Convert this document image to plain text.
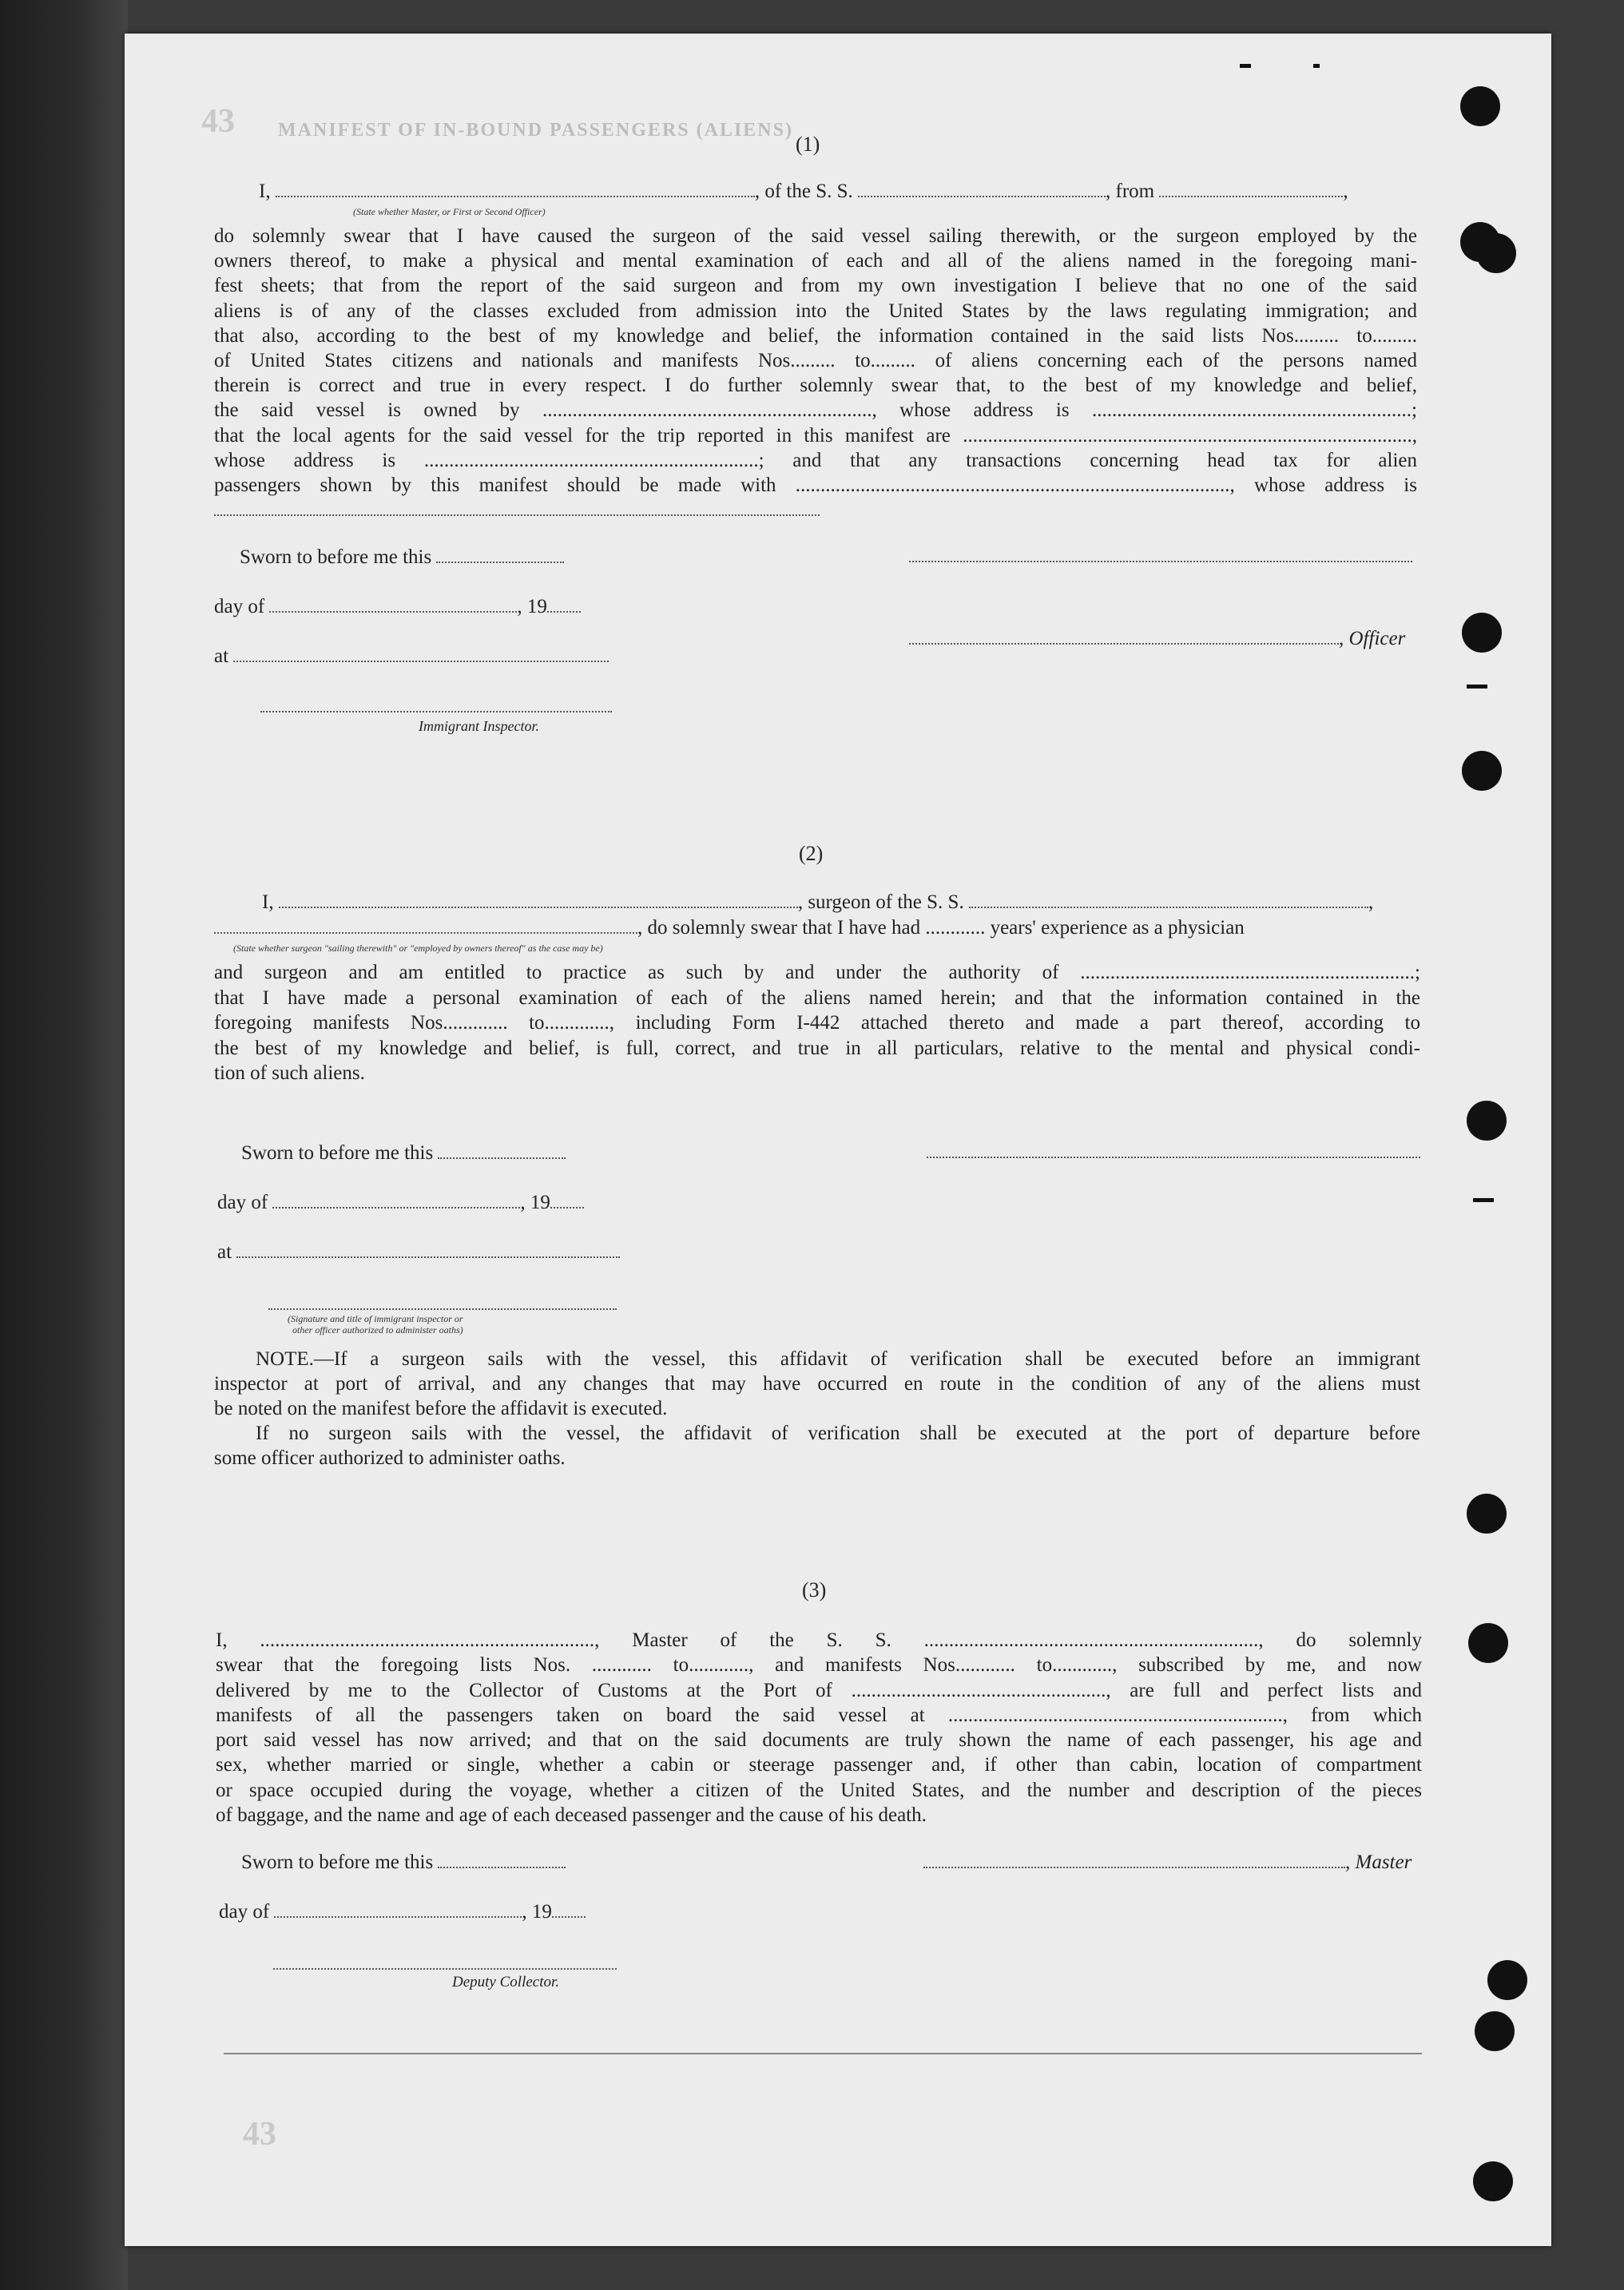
43 MANIFEST OF IN-BOUND PASSENGERS (ALIENS)
(1)
I,	, of the S. S.	, from	,
(State whether Master, or First or Second Officer)
do solemnly swear that I have caused the surgeon of the said vessel sailing therewith, or the surgeon employed by the
owners thereof, to make a physical and mental examination of each and all of the aliens named in the foregoing mani-
fest sheets; that from the report of the said surgeon and from my own investigation I believe that no one of the said
aliens is of any of the classes excluded from admission into the United States by the laws regulating immigration; and
that also, according to the best of my knowledge and belief, the information contained in the said lists Nos......... to.........
of United States citizens and nationals and manifests Nos......... to......... of aliens concerning each of the persons named
therein is correct and true in every respect. I do further solemnly swear that, to the best of my knowledge and belief,
the said vessel is owned by .................................................................., whose address is ................................................................;
that the local agents for the said vessel for the trip reported in this manifest are ..........................................................................................,
whose address is ...................................................................; and that any transactions concerning head tax for alien
passengers shown by this manifest should be made with ......................................................................................., whose address is
Sworn to before me this
day of	, 19
at
Immigrant Inspector.
, Officer
(2)
I,	, surgeon of the S. S.	,
, do solemnly swear that I have had ............ years' experience as a physician
(State whether surgeon "sailing therewith" or "employed by owners thereof" as the case may be)
and surgeon and am entitled to practice as such by and under the authority of ...................................................................;
that I have made a personal examination of each of the aliens named herein; and that the information contained in the
foregoing manifests Nos............. to............., including Form I-442 attached thereto and made a part thereof, according to
the best of my knowledge and belief, is full, correct, and true in all particulars, relative to the mental and physical condi-
tion of such aliens.
Sworn to before me this
day of	, 19
at
(Signature and title of immigrant inspector or
other officer authorized to administer oaths)
NOTE.—If a surgeon sails with the vessel, this affidavit of verification shall be executed before an immigrant
inspector at port of arrival, and any changes that may have occurred en route in the condition of any of the aliens must
be noted on the manifest before the affidavit is executed.
If no surgeon sails with the vessel, the affidavit of verification shall be executed at the port of departure before
some officer authorized to administer oaths.
(3)
I, ..................................................................., Master of the S. S. ..................................................................., do solemnly
swear that the foregoing lists Nos. ............ to............, and manifests Nos............ to............, subscribed by me, and now
delivered by me to the Collector of Customs at the Port of ..................................................., are full and perfect lists and
manifests of all the passengers taken on board the said vessel at ..................................................................., from which
port said vessel has now arrived; and that on the said documents are truly shown the name of each passenger, his age and
sex, whether married or single, whether a cabin or steerage passenger and, if other than cabin, location of compartment
or space occupied during the voyage, whether a citizen of the United States, and the number and description of the pieces
of baggage, and the name and age of each deceased passenger and the cause of his death.
Sworn to before me this	, Master
day of	, 19
Deputy Collector.
43
